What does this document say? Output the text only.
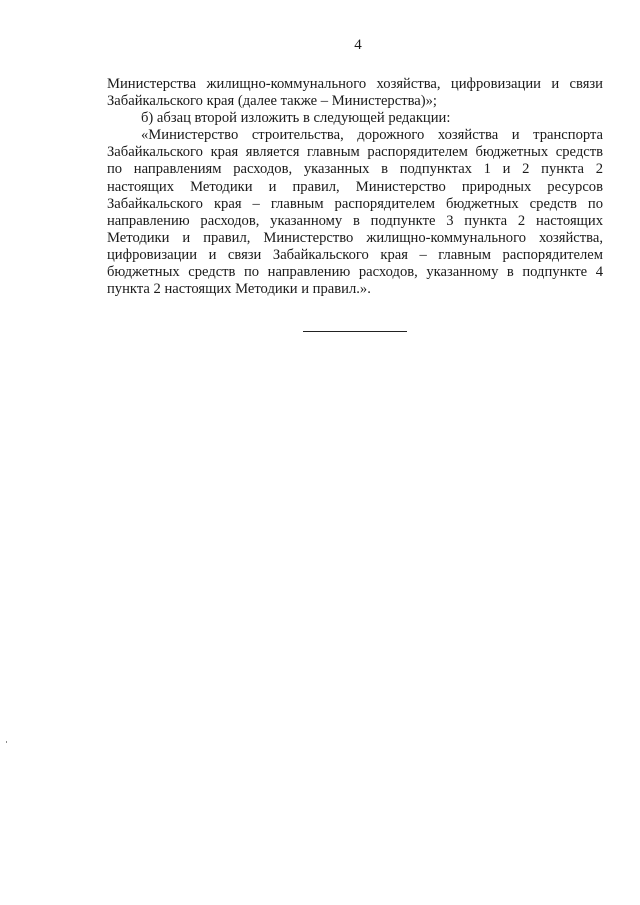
4
Министерства жилищно-коммунального хозяйства, цифровизации и связи
Забайкальского края (далее также – Министерства)»;
б) абзац второй изложить в следующей редакции:
«Министерство строительства, дорожного хозяйства и транспорта
Забайкальского края является главным распорядителем бюджетных средств
по направлениям расходов, указанных в подпунктах 1 и 2 пункта 2
настоящих Методики и правил, Министерство природных ресурсов
Забайкальского края – главным распорядителем бюджетных средств по
направлению расходов, указанному в подпункте 3 пункта 2 настоящих
Методики и правил, Министерство жилищно-коммунального хозяйства,
цифровизации и связи Забайкальского края – главным распорядителем
бюджетных средств по направлению расходов, указанному в подпункте 4
пункта 2 настоящих Методики и правил.».
